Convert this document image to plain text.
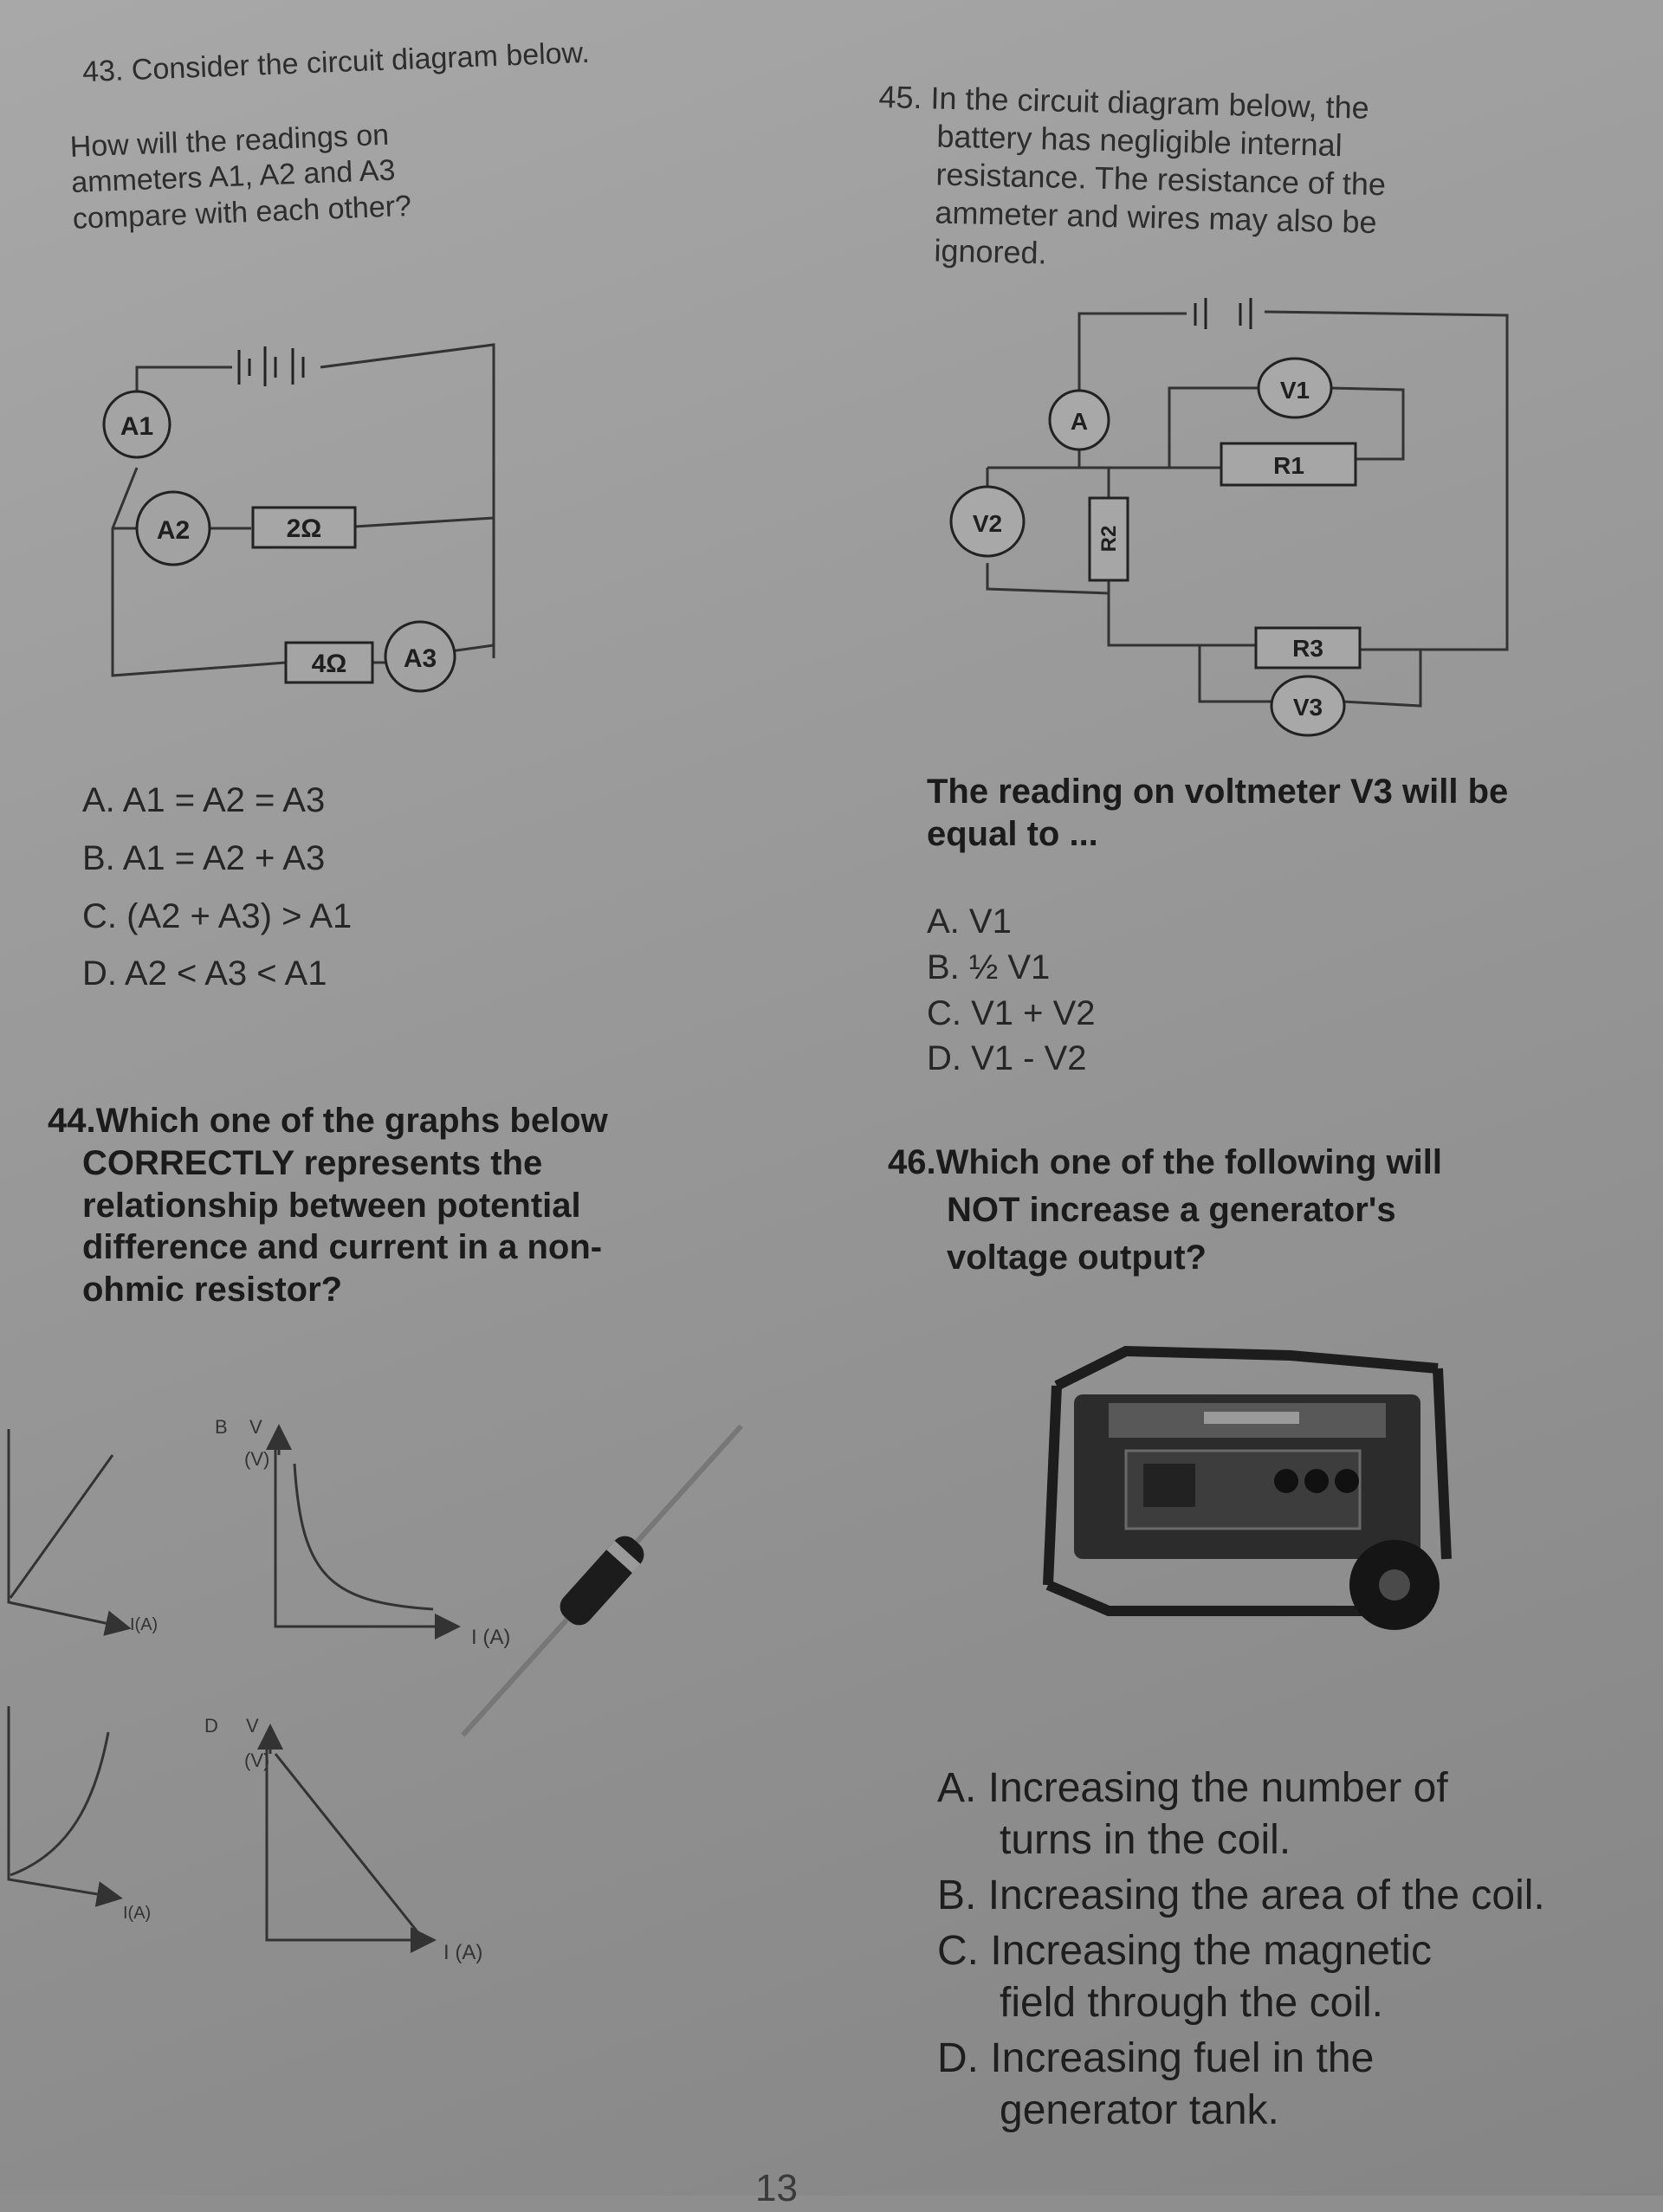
43. Consider the circuit diagram below.

How will the readings on

ammeters A1, A2 and A3

compare with each other?

A1
A2	2Ω
4Ω A3

A. A1 = A2 = A3

B. A1 = A2 + A3

C. (A2 + A3) > A1

D. A2 < A3 < A1

44.Which one of the graphs below

CORRECTLY represents the

relationship between potential

difference and current in a non-

ohmic resistor?

I(A)
B V
(V)
I (A)
I(A)
D V
(V)
I (A)

45. In the circuit diagram below, the

battery has negligible internal

resistance. The resistance of the

ammeter and wires may also be

ignored.

A
V1
R1
V2
R2
R3
V3

The reading on voltmeter V3 will be

equal to ...

A. V1

B. ½ V1

C. V1 + V2

D. V1 - V2

46.Which one of the following will

NOT increase a generator's

voltage output?

A. Increasing the number of

turns in the coil.

B. Increasing the area of the coil.

C. Increasing the magnetic

field through the coil.

D. Increasing fuel in the

generator tank.

13
